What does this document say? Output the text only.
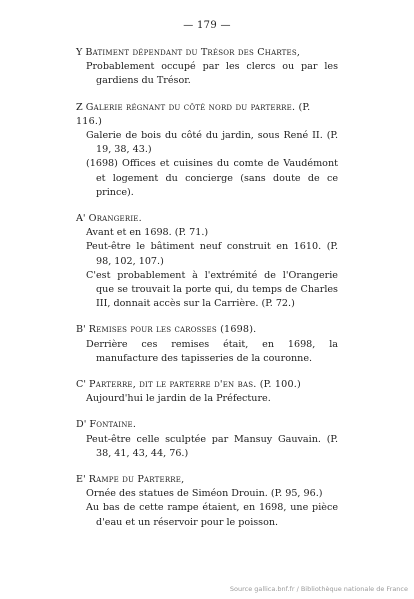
— 179 —
Y Batiment dépendant du Trésor des Chartes,
Probablement occupé par les clercs ou par les gardiens du Trésor.
Z Galerie régnant du côté nord du parterre. (P. 116.)
Galerie de bois du côté du jardin, sous René II. (P. 19, 38, 43.)
(1698) Offices et cuisines du comte de Vaudémont et logement du concierge (sans doute de ce prince).
A' Orangerie.
Avant et en 1698. (P. 71.)
Peut-être le bâtiment neuf construit en 1610. (P. 98, 102, 107.)
C'est probablement à l'extrémité de l'Orangerie que se trouvait la porte qui, du temps de Charles III, donnait accès sur la Carrière. (P. 72.)
B' Remises pour les carosses (1698).
Derrière ces remises était, en 1698, la manufacture des tapisseries de la couronne.
C' Parterre, dit le parterre d'en bas. (P. 100.)
Aujourd'hui le jardin de la Préfecture.
D' Fontaine.
Peut-être celle sculptée par Mansuy Gauvain. (P. 38, 41, 43, 44, 76.)
E' Rampe du Parterre,
Ornée des statues de Siméon Drouin. (P. 95, 96.)
Au bas de cette rampe étaient, en 1698, une pièce d'eau et un réservoir pour le poisson.
Source gallica.bnf.fr / Bibliothèque nationale de France
